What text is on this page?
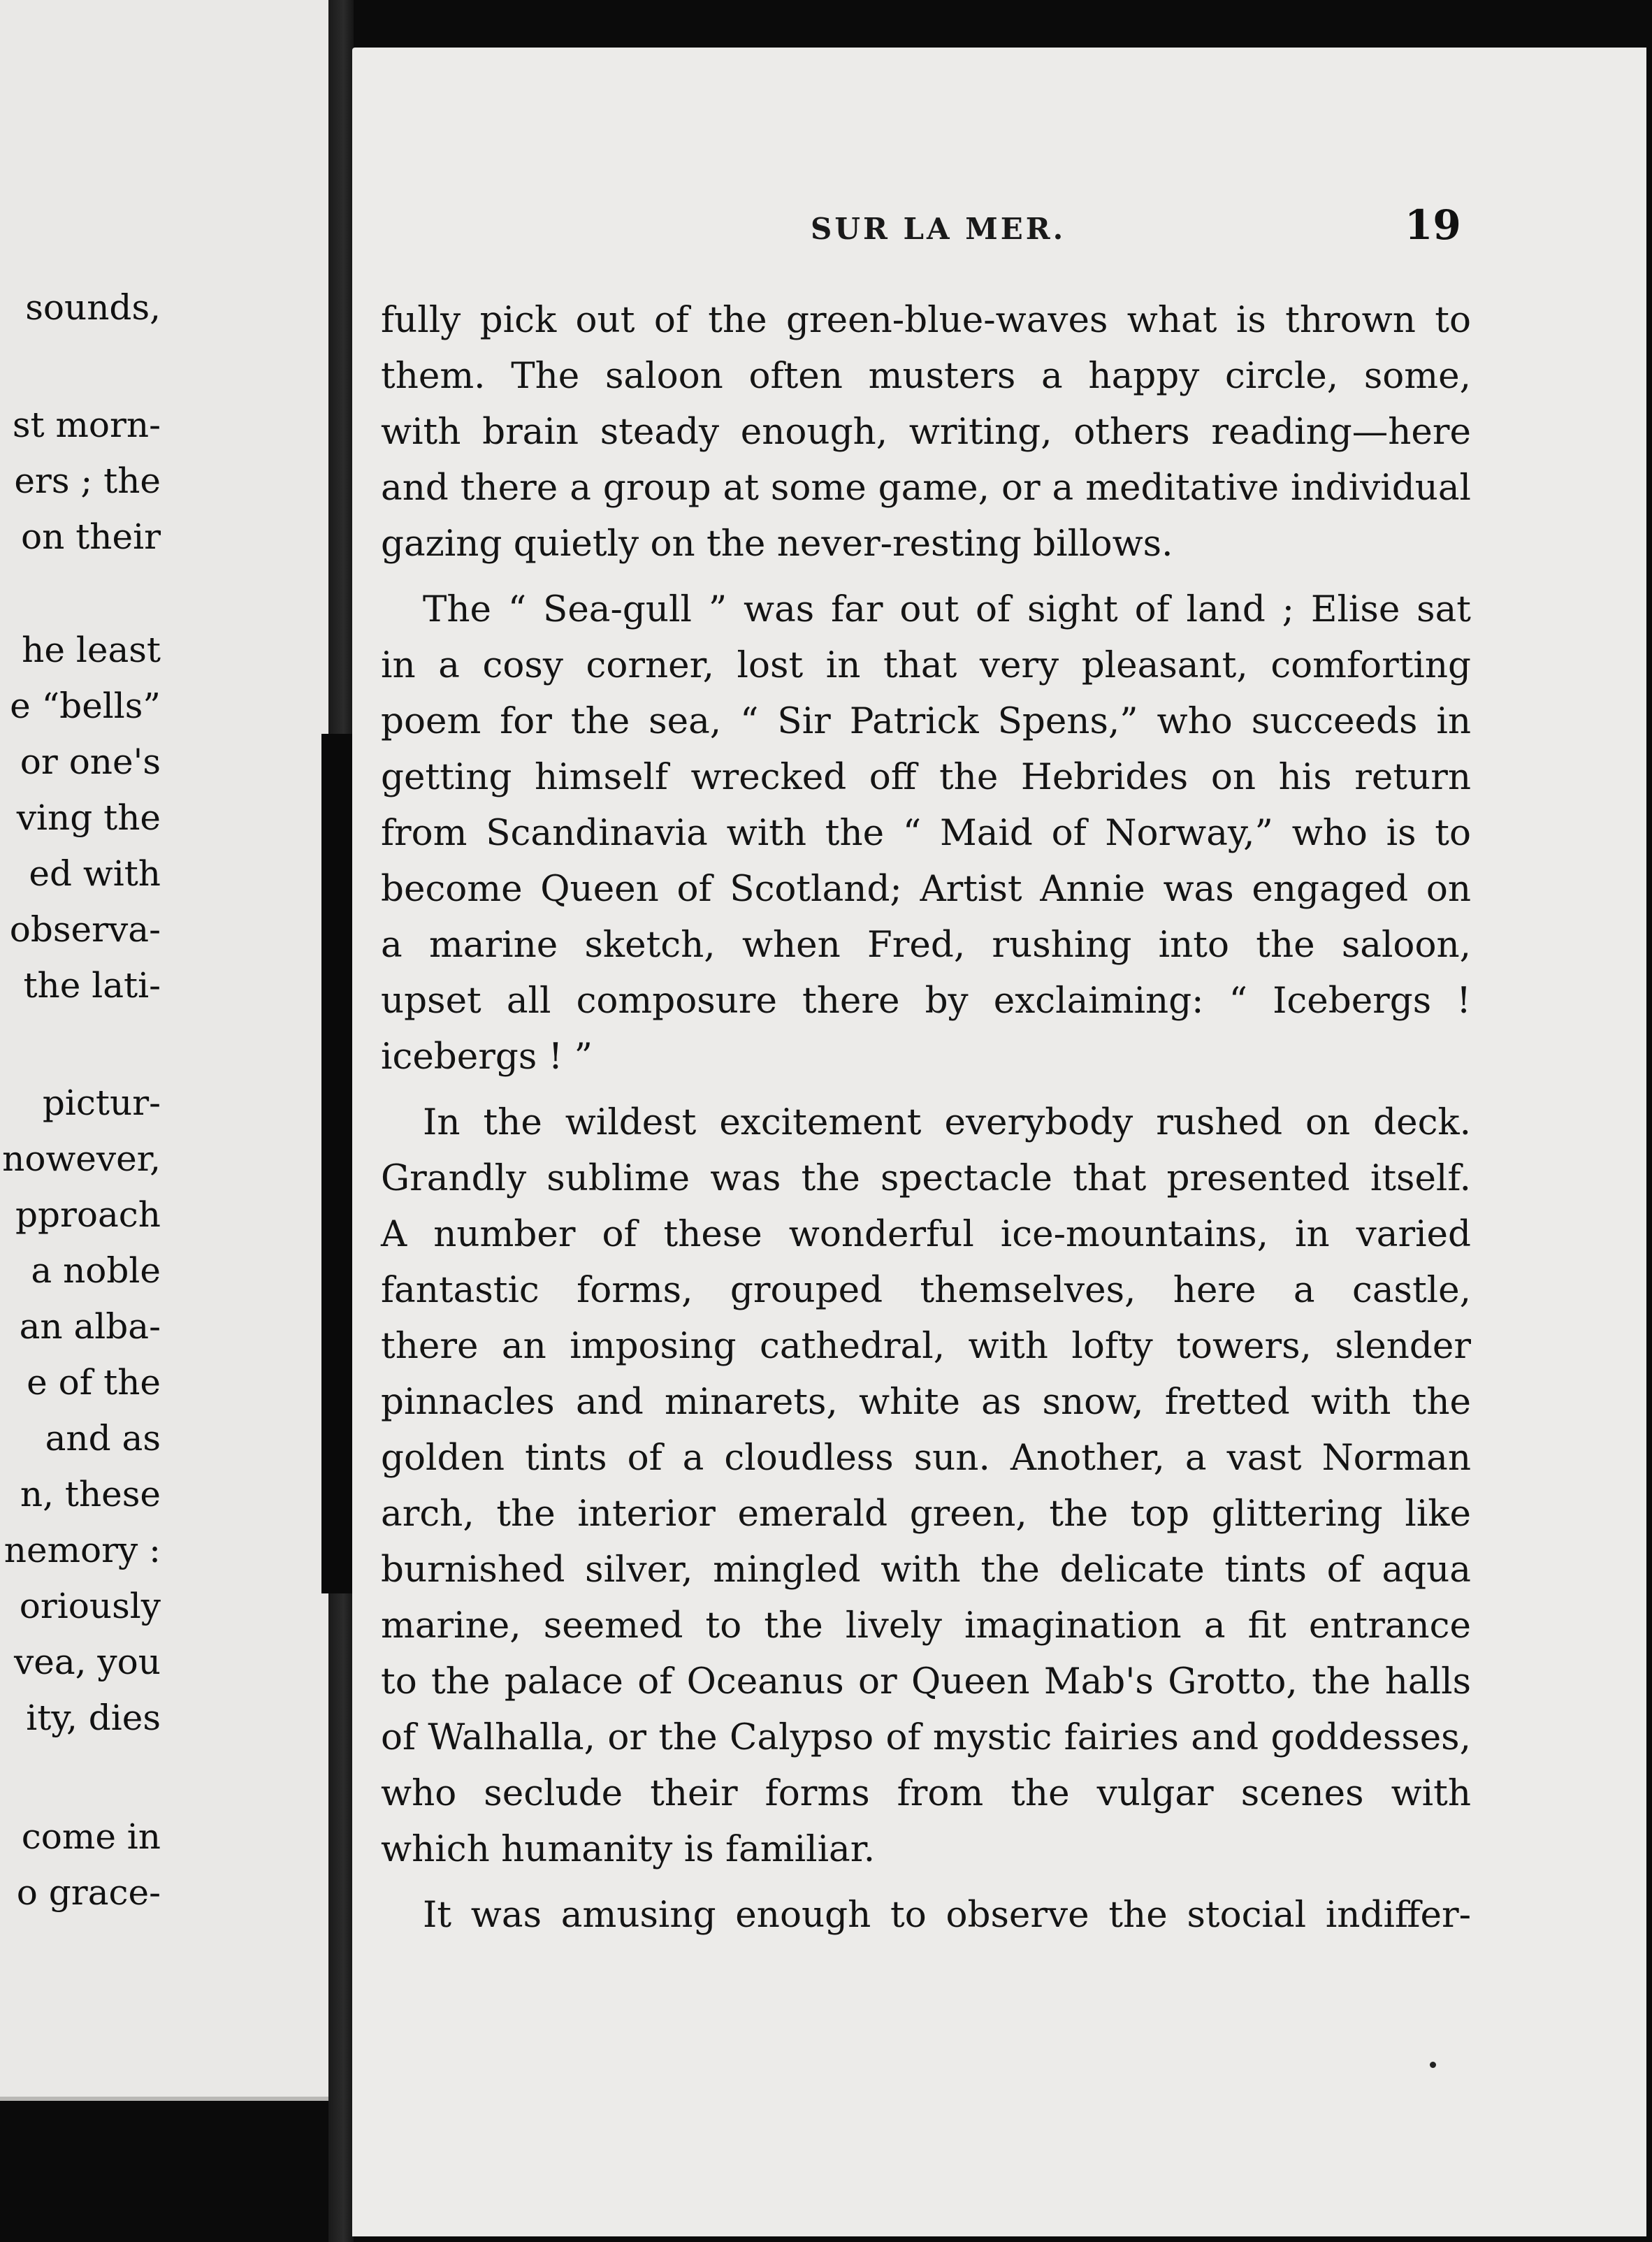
sounds,

st morn-

ers ; the

on their

he least

e “bells”

or one's

ving the

ed with

observa-

the lati-

pictur-

nowever,

pproach

a noble

an alba-

e of the

and as

n, these

nemory :

oriously

vea, you

ity, dies

come in

o grace-

SUR LA MER.	19

fully pick out of the green-blue-waves what is thrown to
them. The saloon often musters a happy circle, some,
with brain steady enough, writing, others reading—here
and there a group at some game, or a meditative individual
gazing quietly on the never-resting billows.

The “ Sea-gull ” was far out of sight of land ; Elise sat
in a cosy corner, lost in that very pleasant, comforting
poem for the sea, “ Sir Patrick Spens,” who succeeds in
getting himself wrecked off the Hebrides on his return
from Scandinavia with the “ Maid of Norway,” who is to
become Queen of Scotland; Artist Annie was engaged on
a marine sketch, when Fred, rushing into the saloon,
upset all composure there by exclaiming: “ Icebergs !
icebergs ! ”

In the wildest excitement everybody rushed on deck.
Grandly sublime was the spectacle that presented itself.
A number of these wonderful ice-mountains, in varied
fantastic forms, grouped themselves, here a castle,
there an imposing cathedral, with lofty towers, slender
pinnacles and minarets, white as snow, fretted with the
golden tints of a cloudless sun. Another, a vast Norman
arch, the interior emerald green, the top glittering like
burnished silver, mingled with the delicate tints of aqua
marine, seemed to the lively imagination a fit entrance
to the palace of Oceanus or Queen Mab's Grotto, the halls
of Walhalla, or the Calypso of mystic fairies and goddesses,
who seclude their forms from the vulgar scenes with
which humanity is familiar.

It was amusing enough to observe the stocial indiffer-
